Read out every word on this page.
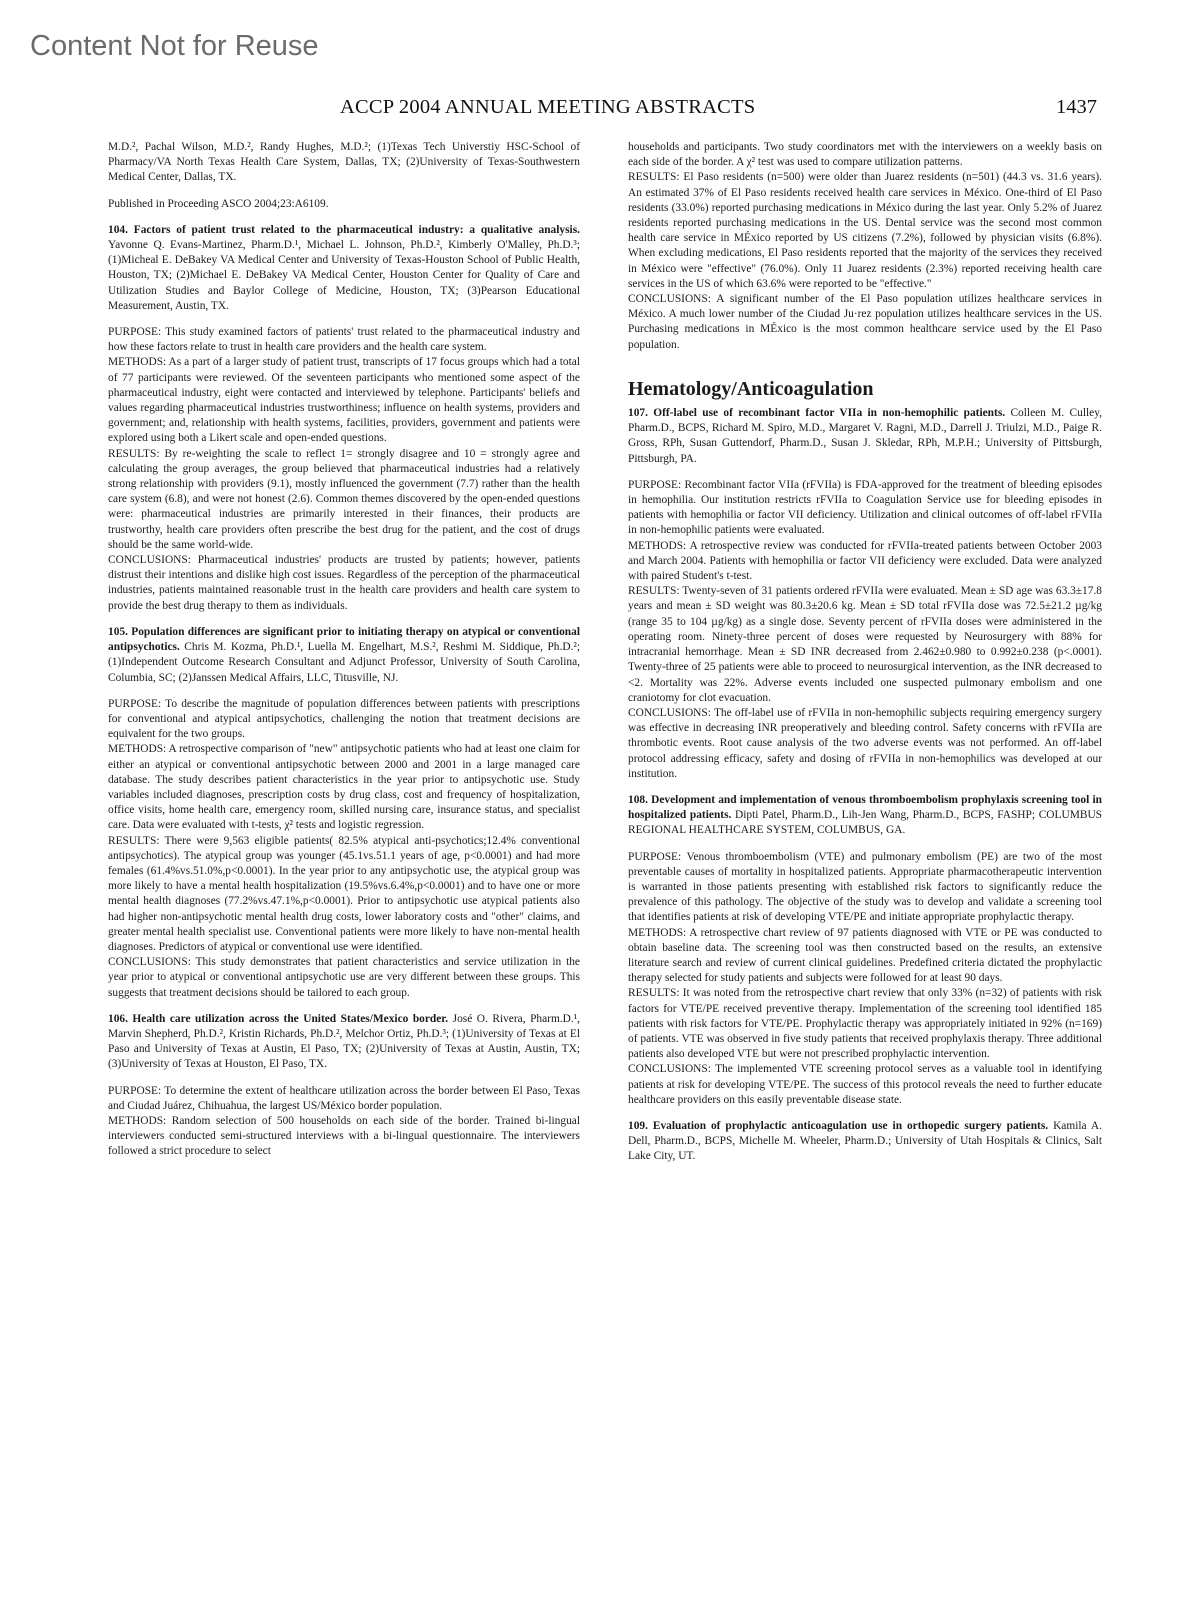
Content Not for Reuse
ACCP 2004 ANNUAL MEETING ABSTRACTS	1437

M.D.², Pachal Wilson, M.D.², Randy Hughes, M.D.²; (1)Texas Tech Universtiy HSC-School of Pharmacy/VA North Texas Health Care System, Dallas, TX; (2)University of Texas-Southwestern Medical Center, Dallas, TX.

Published in Proceeding ASCO 2004;23:A6109.

104. Factors of patient trust related to the pharmaceutical industry: a qualitative analysis. Yavonne Q. Evans-Martinez, Pharm.D.¹, Michael L. Johnson, Ph.D.², Kimberly O'Malley, Ph.D.³; (1)Micheal E. DeBakey VA Medical Center and University of Texas-Houston School of Public Health, Houston, TX; (2)Michael E. DeBakey VA Medical Center, Houston Center for Quality of Care and Utilization Studies and Baylor College of Medicine, Houston, TX; (3)Pearson Educational Measurement, Austin, TX.

PURPOSE: This study examined factors of patients' trust related to the pharmaceutical industry and how these factors relate to trust in health care providers and the health care system.

METHODS: As a part of a larger study of patient trust, transcripts of 17 focus groups which had a total of 77 participants were reviewed. Of the seventeen participants who mentioned some aspect of the pharmaceutical industry, eight were contacted and interviewed by telephone. Participants' beliefs and values regarding pharmaceutical industries trustworthiness; influence on health systems, providers and government; and, relationship with health systems, facilities, providers, government and patients were explored using both a Likert scale and open-ended questions.

RESULTS: By re-weighting the scale to reflect 1= strongly disagree and 10 = strongly agree and calculating the group averages, the group believed that pharmaceutical industries had a relatively strong relationship with providers (9.1), mostly influenced the government (7.7) rather than the health care system (6.8), and were not honest (2.6). Common themes discovered by the open-ended questions were: pharmaceutical industries are primarily interested in their finances, their products are trustworthy, health care providers often prescribe the best drug for the patient, and the cost of drugs should be the same world-wide.

CONCLUSIONS: Pharmaceutical industries' products are trusted by patients; however, patients distrust their intentions and dislike high cost issues. Regardless of the perception of the pharmaceutical industries, patients maintained reasonable trust in the health care providers and health care system to provide the best drug therapy to them as individuals.

105. Population differences are significant prior to initiating therapy on atypical or conventional antipsychotics. Chris M. Kozma, Ph.D.¹, Luella M. Engelhart, M.S.², Reshmi M. Siddique, Ph.D.²; (1)Independent Outcome Research Consultant and Adjunct Professor, University of South Carolina, Columbia, SC; (2)Janssen Medical Affairs, LLC, Titusville, NJ.

PURPOSE: To describe the magnitude of population differences between patients with prescriptions for conventional and atypical antipsychotics, challenging the notion that treatment decisions are equivalent for the two groups.

METHODS: A retrospective comparison of "new" antipsychotic patients who had at least one claim for either an atypical or conventional antipsychotic between 2000 and 2001 in a large managed care database. The study describes patient characteristics in the year prior to antipsychotic use. Study variables included diagnoses, prescription costs by drug class, cost and frequency of hospitalization, office visits, home health care, emergency room, skilled nursing care, insurance status, and specialist care. Data were evaluated with t-tests, χ² tests and logistic regression.

RESULTS: There were 9,563 eligible patients( 82.5% atypical anti-psychotics;12.4% conventional antipsychotics). The atypical group was younger (45.1vs.51.1 years of age, p<0.0001) and had more females (61.4%vs.51.0%,p<0.0001). In the year prior to any antipsychotic use, the atypical group was more likely to have a mental health hospitalization (19.5%vs.6.4%,p<0.0001) and to have one or more mental health diagnoses (77.2%vs.47.1%,p<0.0001). Prior to antipsychotic use atypical patients also had higher non-antipsychotic mental health drug costs, lower laboratory costs and "other" claims, and greater mental health specialist use. Conventional patients were more likely to have non-mental health diagnoses. Predictors of atypical or conventional use were identified.

CONCLUSIONS: This study demonstrates that patient characteristics and service utilization in the year prior to atypical or conventional antipsychotic use are very different between these groups. This suggests that treatment decisions should be tailored to each group.

106. Health care utilization across the United States/Mexico border. José O. Rivera, Pharm.D.¹, Marvin Shepherd, Ph.D.², Kristin Richards, Ph.D.², Melchor Ortiz, Ph.D.³; (1)University of Texas at El Paso and University of Texas at Austin, El Paso, TX; (2)University of Texas at Austin, Austin, TX; (3)University of Texas at Houston, El Paso, TX.

PURPOSE: To determine the extent of healthcare utilization across the border between El Paso, Texas and Ciudad Juárez, Chihuahua, the largest US/México border population.

METHODS: Random selection of 500 households on each side of the border. Trained bi-lingual interviewers conducted semi-structured interviews with a bi-lingual questionnaire. The interviewers followed a strict procedure to select

households and participants. Two study coordinators met with the interviewers on a weekly basis on each side of the border. A χ² test was used to compare utilization patterns.

RESULTS: El Paso residents (n=500) were older than Juarez residents (n=501) (44.3 vs. 31.6 years). An estimated 37% of El Paso residents received health care services in México. One-third of El Paso residents (33.0%) reported purchasing medications in México during the last year. Only 5.2% of Juarez residents reported purchasing medications in the US. Dental service was the second most common health care service in MÉxico reported by US citizens (7.2%), followed by physician visits (6.8%). When excluding medications, El Paso residents reported that the majority of the services they received in México were "effective" (76.0%). Only 11 Juarez residents (2.3%) reported receiving health care services in the US of which 63.6% were reported to be "effective."

CONCLUSIONS: A significant number of the El Paso population utilizes healthcare services in México. A much lower number of the Ciudad Ju·rez population utilizes healthcare services in the US. Purchasing medications in MÉxico is the most common healthcare service used by the El Paso population.

Hematology/Anticoagulation

107. Off-label use of recombinant factor VIIa in non-hemophilic patients. Colleen M. Culley, Pharm.D., BCPS, Richard M. Spiro, M.D., Margaret V. Ragni, M.D., Darrell J. Triulzi, M.D., Paige R. Gross, RPh, Susan Guttendorf, Pharm.D., Susan J. Skledar, RPh, M.P.H.; University of Pittsburgh, Pittsburgh, PA.

PURPOSE: Recombinant factor VIIa (rFVIIa) is FDA-approved for the treatment of bleeding episodes in hemophilia. Our institution restricts rFVIIa to Coagulation Service use for bleeding episodes in patients with hemophilia or factor VII deficiency. Utilization and clinical outcomes of off-label rFVIIa in non-hemophilic patients were evaluated.

METHODS: A retrospective review was conducted for rFVIIa-treated patients between October 2003 and March 2004. Patients with hemophilia or factor VII deficiency were excluded. Data were analyzed with paired Student's t-test.

RESULTS: Twenty-seven of 31 patients ordered rFVIIa were evaluated. Mean ± SD age was 63.3±17.8 years and mean ± SD weight was 80.3±20.6 kg. Mean ± SD total rFVIIa dose was 72.5±21.2 µg/kg (range 35 to 104 µg/kg) as a single dose. Seventy percent of rFVIIa doses were administered in the operating room. Ninety-three percent of doses were requested by Neurosurgery with 88% for intracranial hemorrhage. Mean ± SD INR decreased from 2.462±0.980 to 0.992±0.238 (p<.0001). Twenty-three of 25 patients were able to proceed to neurosurgical intervention, as the INR decreased to <2. Mortality was 22%. Adverse events included one suspected pulmonary embolism and one craniotomy for clot evacuation.

CONCLUSIONS: The off-label use of rFVIIa in non-hemophilic subjects requiring emergency surgery was effective in decreasing INR preoperatively and bleeding control. Safety concerns with rFVIIa are thrombotic events. Root cause analysis of the two adverse events was not performed. An off-label protocol addressing efficacy, safety and dosing of rFVIIa in non-hemophilics was developed at our institution.

108. Development and implementation of venous thromboembolism prophylaxis screening tool in hospitalized patients. Dipti Patel, Pharm.D., Lih-Jen Wang, Pharm.D., BCPS, FASHP; COLUMBUS REGIONAL HEALTHCARE SYSTEM, COLUMBUS, GA.

PURPOSE: Venous thromboembolism (VTE) and pulmonary embolism (PE) are two of the most preventable causes of mortality in hospitalized patients. Appropriate pharmacotherapeutic intervention is warranted in those patients presenting with established risk factors to significantly reduce the prevalence of this pathology. The objective of the study was to develop and validate a screening tool that identifies patients at risk of developing VTE/PE and initiate appropriate prophylactic therapy.

METHODS: A retrospective chart review of 97 patients diagnosed with VTE or PE was conducted to obtain baseline data. The screening tool was then constructed based on the results, an extensive literature search and review of current clinical guidelines. Predefined criteria dictated the prophylactic therapy selected for study patients and subjects were followed for at least 90 days.

RESULTS: It was noted from the retrospective chart review that only 33% (n=32) of patients with risk factors for VTE/PE received preventive therapy. Implementation of the screening tool identified 185 patients with risk factors for VTE/PE. Prophylactic therapy was appropriately initiated in 92% (n=169) of patients. VTE was observed in five study patients that received prophylaxis therapy. Three additional patients also developed VTE but were not prescribed prophylactic intervention.

CONCLUSIONS: The implemented VTE screening protocol serves as a valuable tool in identifying patients at risk for developing VTE/PE. The success of this protocol reveals the need to further educate healthcare providers on this easily preventable disease state.

109. Evaluation of prophylactic anticoagulation use in orthopedic surgery patients. Kamila A. Dell, Pharm.D., BCPS, Michelle M. Wheeler, Pharm.D.; University of Utah Hospitals & Clinics, Salt Lake City, UT.
